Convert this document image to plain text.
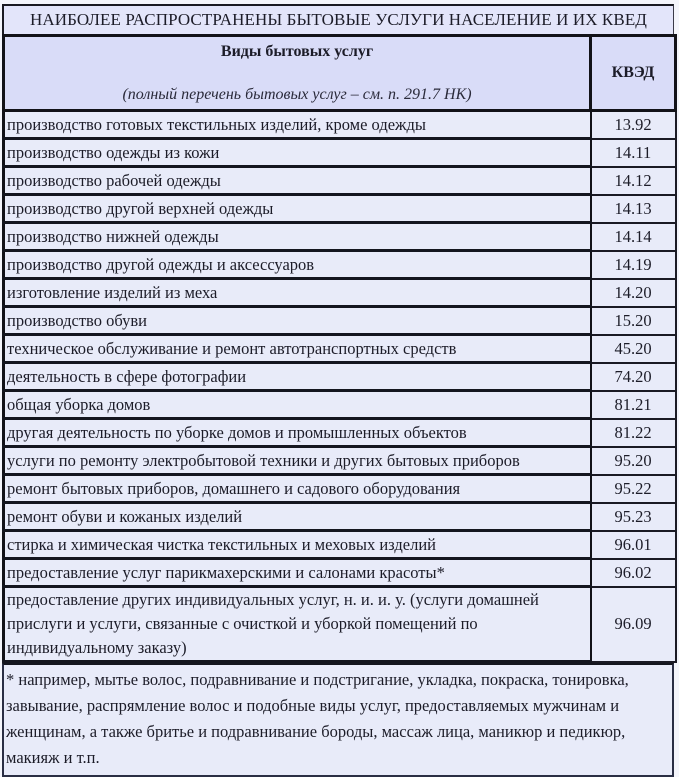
НАИБОЛЕЕ РАСПРОСТРАНЕНЫ БЫТОВЫЕ УСЛУГИ НАСЕЛЕНИЕ И ИХ КВЕД
Виды бытовых услуг
(полный перечень бытовых услуг – см. п. 291.7 НК)	КВЭД
производство готовых текстильных изделий, кроме одежды	13.92
производство одежды из кожи	14.11
производство рабочей одежды	14.12
производство другой верхней одежды	14.13
производство нижней одежды	14.14
производство другой одежды и аксессуаров	14.19
изготовление изделий из меха	14.20
производство обуви	15.20
техническое обслуживание и ремонт автотранспортных средств	45.20
деятельность в сфере фотографии	74.20
общая уборка домов	81.21
другая деятельность по уборке домов и промышленных объектов	81.22
услуги по ремонту электробытовой техники и других бытовых приборов	95.20
ремонт бытовых приборов, домашнего и садового оборудования	95.22
ремонт обуви и кожаных изделий	95.23
стирка и химическая чистка текстильных и меховых изделий	96.01
предоставление услуг парикмахерскими и салонами красоты*	96.02
предоставление других индивидуальных услуг, н. и. и. у. (услуги домашней прислуги и услуги, связанные с очисткой и уборкой помещений по индивидуальному заказу)	96.09
* например, мытье волос, подравнивание и подстригание, укладка, покраска, тонировка, завывание, распрямление волос и подобные виды услуг, предоставляемых мужчинам и женщинам, а также бритье и подравнивание бороды, массаж лица, маникюр и педикюр, макияж и т.п.
